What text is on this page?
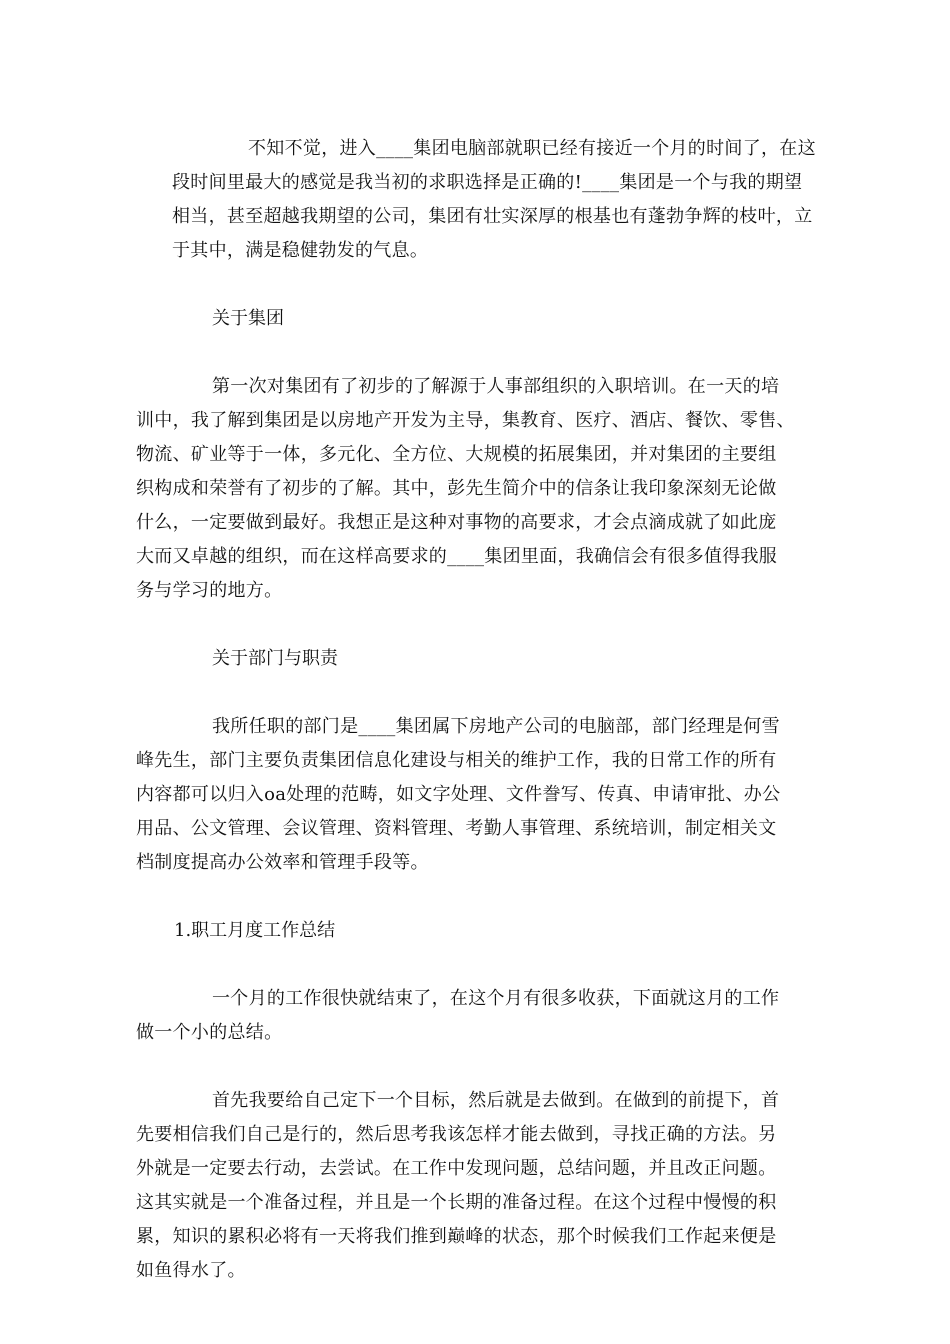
不知不觉，进入____集团电脑部就职已经有接近一个月的时间了，在这
段时间里最大的感觉是我当初的求职选择是正确的!____集团是一个与我的期望
相当，甚至超越我期望的公司，集团有壮实深厚的根基也有蓬勃争辉的枝叶，立
于其中，满是稳健勃发的气息。

关于集团

第一次对集团有了初步的了解源于人事部组织的入职培训。在一天的培
训中，我了解到集团是以房地产开发为主导，集教育、医疗、酒店、餐饮、零售、
物流、矿业等于一体，多元化、全方位、大规模的拓展集团，并对集团的主要组
织构成和荣誉有了初步的了解。其中，彭先生简介中的信条让我印象深刻无论做
什么，一定要做到最好。我想正是这种对事物的高要求，才会点滴成就了如此庞
大而又卓越的组织，而在这样高要求的____集团里面，我确信会有很多值得我服
务与学习的地方。

关于部门与职责

我所任职的部门是____集团属下房地产公司的电脑部，部门经理是何雪
峰先生，部门主要负责集团信息化建设与相关的维护工作，我的日常工作的所有
内容都可以归入oa处理的范畴，如文字处理、文件誊写、传真、申请审批、办公
用品、公文管理、会议管理、资料管理、考勤人事管理、系统培训，制定相关文
档制度提高办公效率和管理手段等。

1.职工月度工作总结

一个月的工作很快就结束了，在这个月有很多收获，下面就这月的工作
做一个小的总结。
首先我要给自己定下一个目标，然后就是去做到。在做到的前提下，首
先要相信我们自己是行的，然后思考我该怎样才能去做到，寻找正确的方法。另
外就是一定要去行动，去尝试。在工作中发现问题，总结问题，并且改正问题。
这其实就是一个准备过程，并且是一个长期的准备过程。在这个过程中慢慢的积
累，知识的累积必将有一天将我们推到巅峰的状态，那个时候我们工作起来便是
如鱼得水了。
